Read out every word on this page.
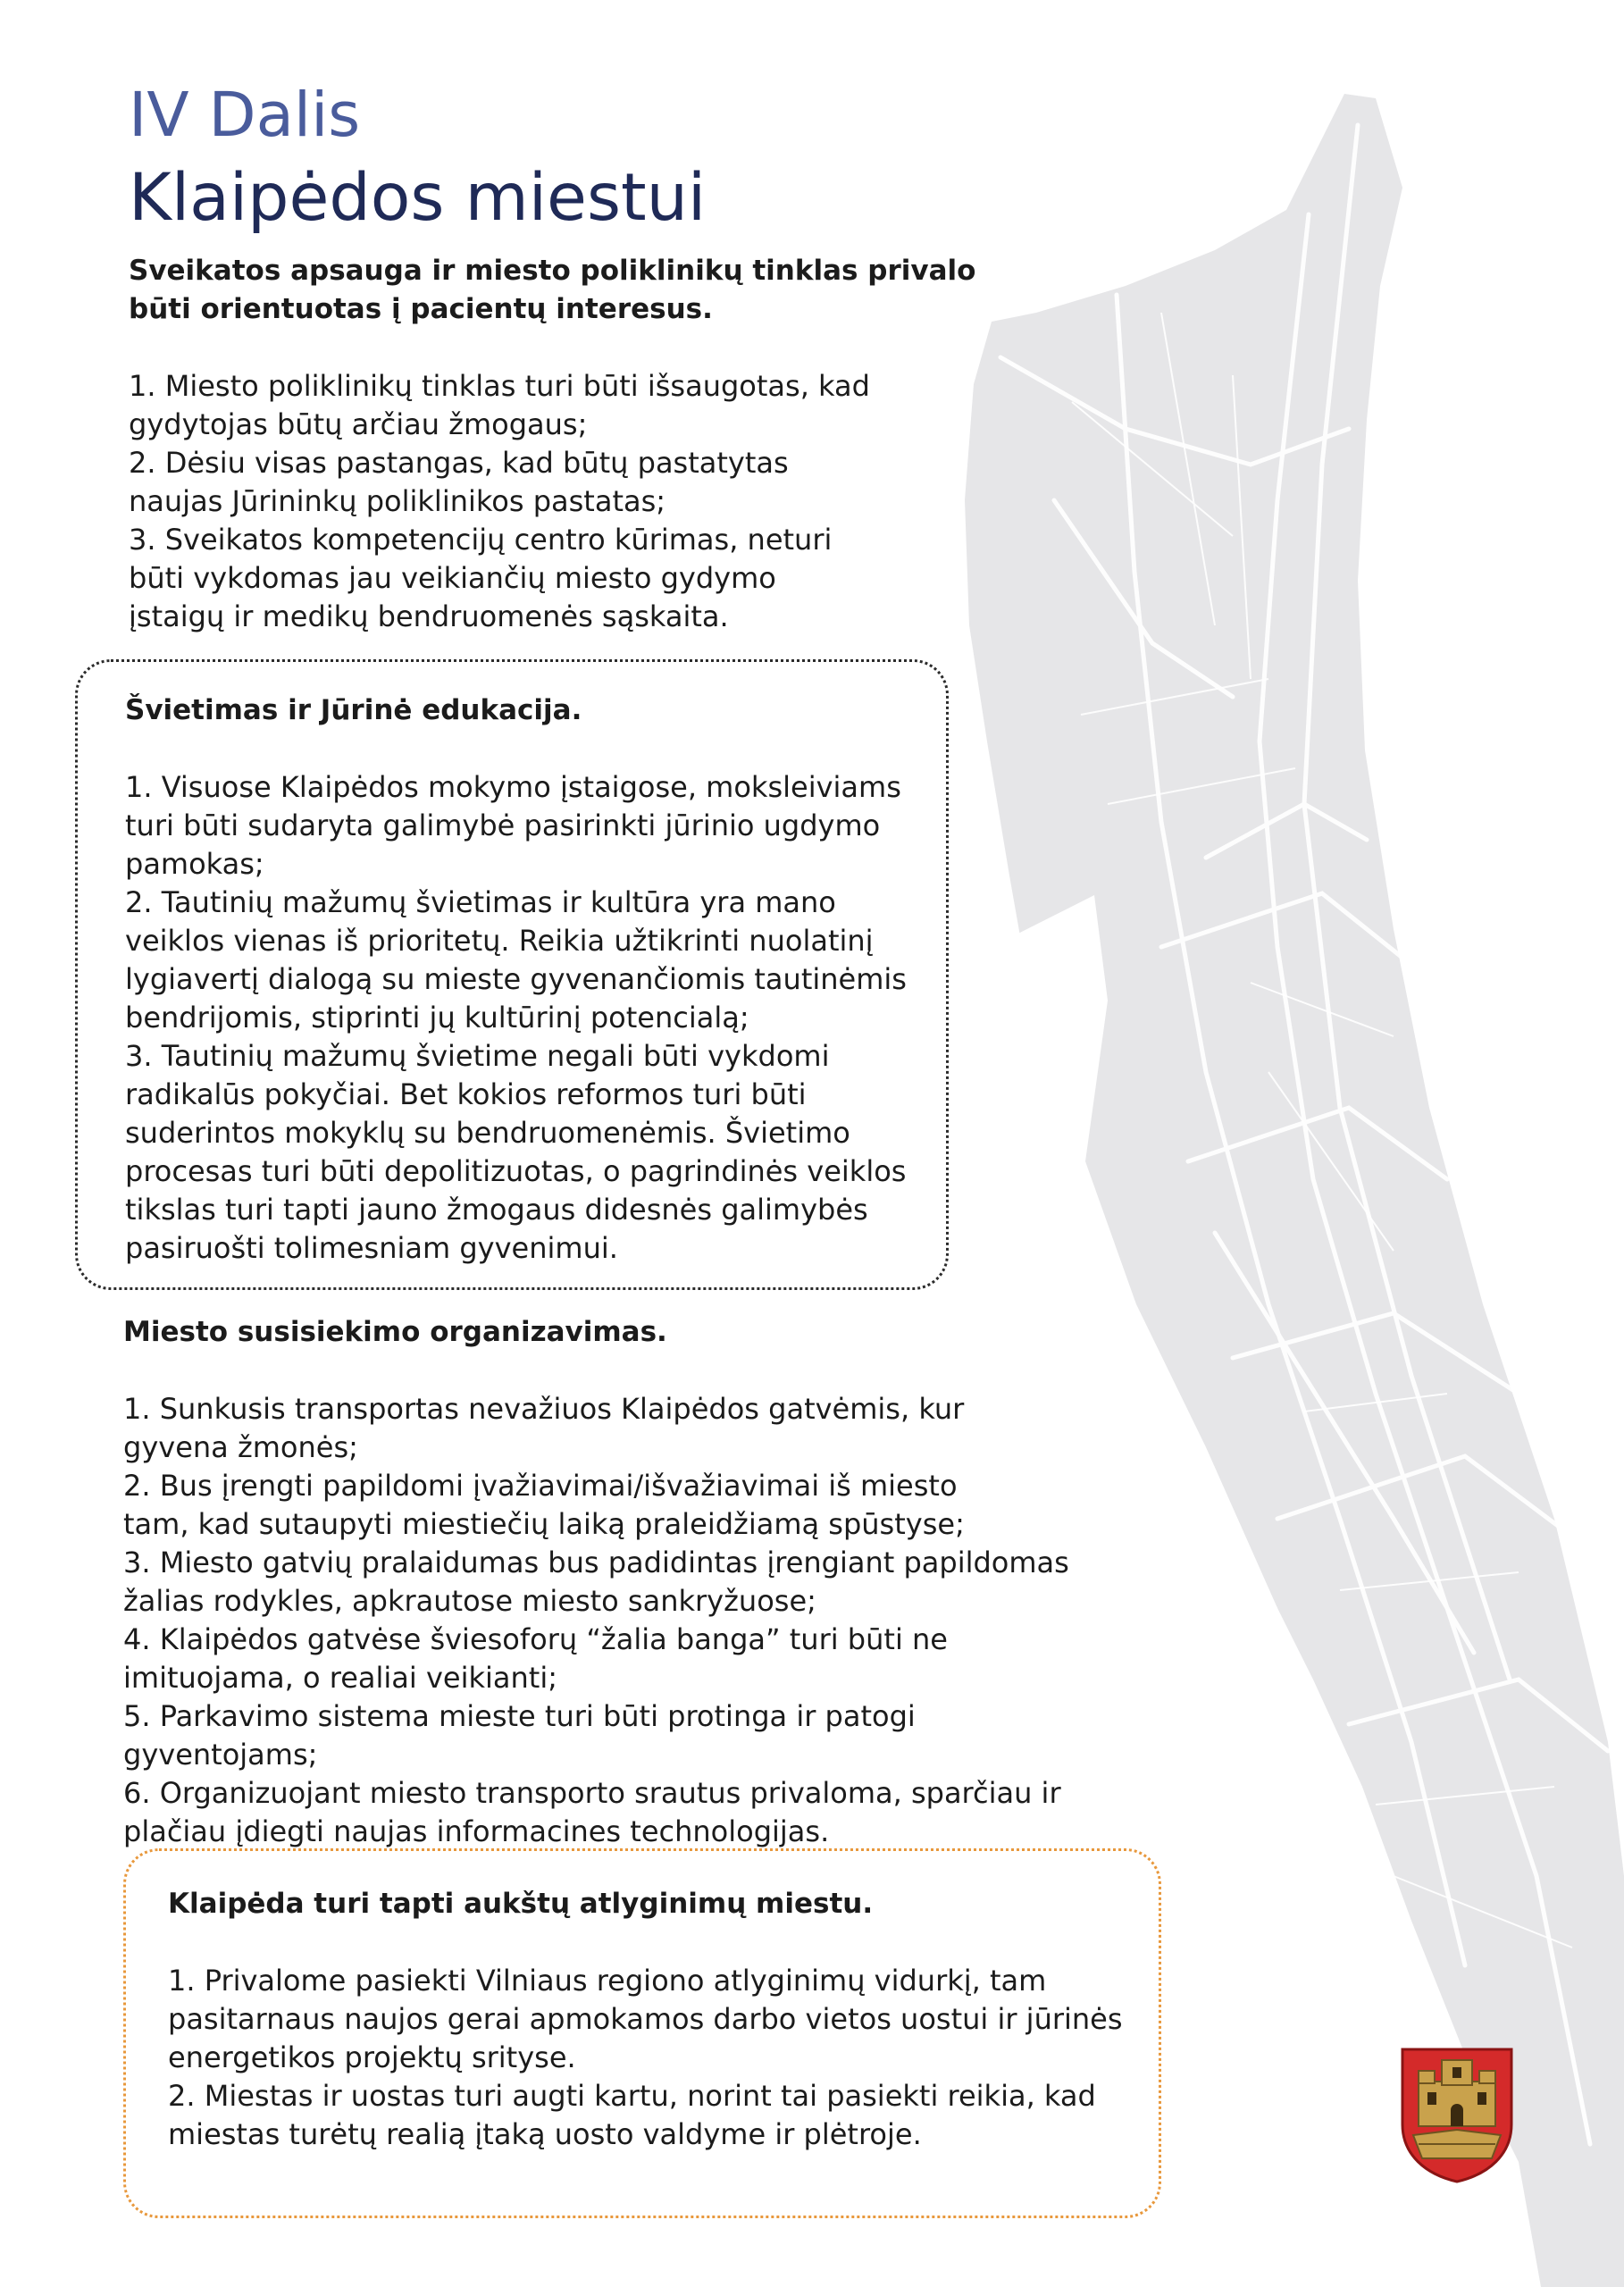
IV Dalis
Klaipėdos miestui
Sveikatos apsauga ir miesto poliklinikų tinklas privalo
būti orientuotas į pacientų interesus.
1. Miesto poliklinikų tinklas turi būti išsaugotas, kad gydytojas būtų arčiau žmogaus;
2. Dėsiu visas pastangas, kad būtų pastatytas naujas Jūrininkų poliklinikos pastatas;
3. Sveikatos kompetencijų centro kūrimas, neturi būti vykdomas jau veikiančių miesto gydymo įstaigų ir medikų bendruomenės sąskaita.
Švietimas ir Jūrinė edukacija.
1. Visuose Klaipėdos mokymo įstaigose, moksleiviams turi būti sudaryta galimybė pasirinkti jūrinio ugdymo pamokas;
2. Tautinių mažumų švietimas ir kultūra yra mano veiklos vienas iš prioritetų. Reikia užtikrinti nuolatinį lygiavertį dialogą su mieste gyvenančiomis tautinėmis bendrijomis, stiprinti jų kultūrinį potencialą;
3. Tautinių mažumų švietime negali būti vykdomi radikalūs pokyčiai. Bet kokios reformos turi būti suderintos mokyklų su bendruomenėmis. Švietimo procesas turi būti depolitizuotas, o pagrindinės veiklos tikslas turi tapti jauno žmogaus didesnės galimybės pasiruošti tolimesniam gyvenimui.
Miesto susisiekimo organizavimas.
1. Sunkusis transportas nevažiuos Klaipėdos gatvėmis, kur gyvena žmonės;
2. Bus įrengti papildomi įvažiavimai/išvažiavimai iš miesto tam, kad sutaupyti miestiečių laiką praleidžiamą spūstyse;
3. Miesto gatvių pralaidumas bus padidintas įrengiant papildomas žalias rodykles, apkrautose miesto sankryžuose;
4. Klaipėdos gatvėse šviesoforų “žalia banga” turi būti ne imituojama, o realiai veikianti;
5. Parkavimo sistema mieste turi būti protinga ir patogi gyventojams;
6. Organizuojant miesto transporto srautus privaloma, sparčiau ir plačiau įdiegti naujas informacines technologijas.
Klaipėda turi tapti aukštų atlyginimų miestu.
1. Privalome pasiekti Vilniaus regiono atlyginimų vidurkį, tam pasitarnaus naujos gerai apmokamos darbo vietos uostui ir jūrinės energetikos projektų srityse.
2. Miestas ir uostas turi augti kartu, norint tai pasiekti reikia, kad miestas turėtų realią įtaką uosto valdyme ir plėtroje.
